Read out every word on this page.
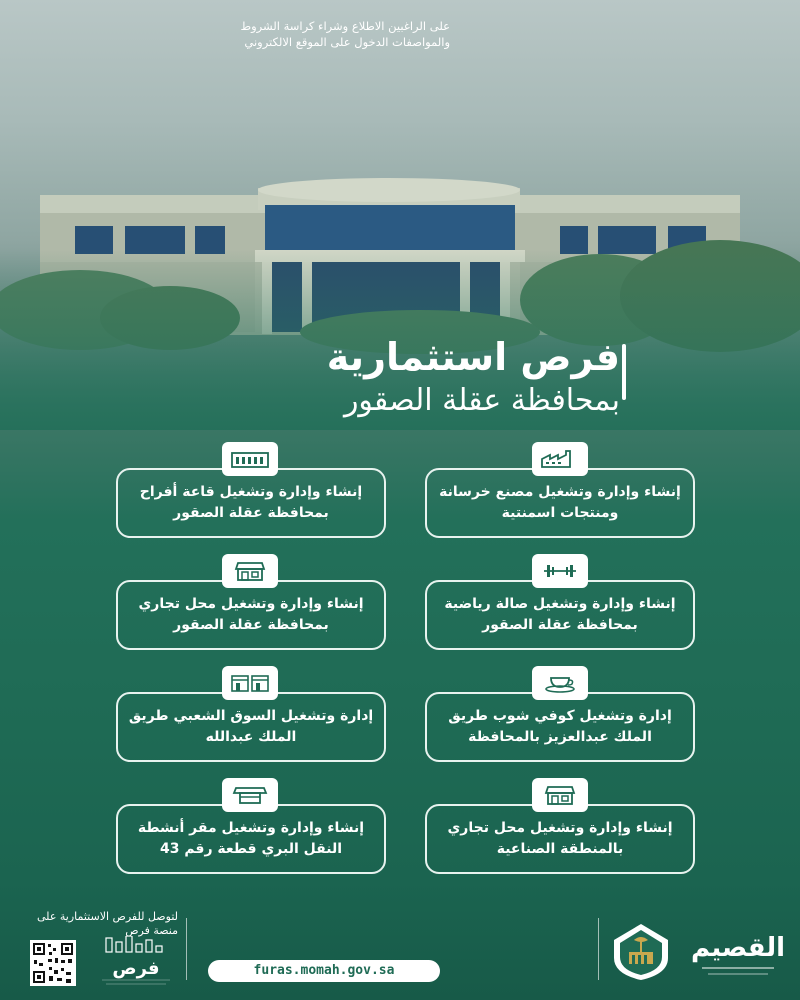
فرص استثمارية
بمحافظة عقلة الصقور
إنشاء وإدارة وتشغيل مصنع خرسانة ومنتجات اسمنتية
إنشاء وإدارة وتشغيل قاعة أفراح بمحافظة عقلة الصقور
إنشاء وإدارة وتشغيل صالة رياضية بمحافظة عقلة الصقور
إنشاء وإدارة وتشغيل محل تجاري بمحافظة عقلة الصقور
إدارة وتشغيل كوفي شوب طريق الملك عبدالعزيز بالمحافظة
إدارة وتشغيل السوق الشعبي طريق الملك عبدالله
إنشاء وإدارة وتشغيل محل تجاري بالمنطقة الصناعية
إنشاء وإدارة وتشغيل مقر أنشطة النقل البري قطعة رقم 43
لتوصل للفرص الاستثمارية على منصة فرص
فرص
على الراغبين الاطلاع وشراء كراسة الشروط والمواصفات الدخول على الموقع الالكتروني
furas.momah.gov.sa
القصيم
